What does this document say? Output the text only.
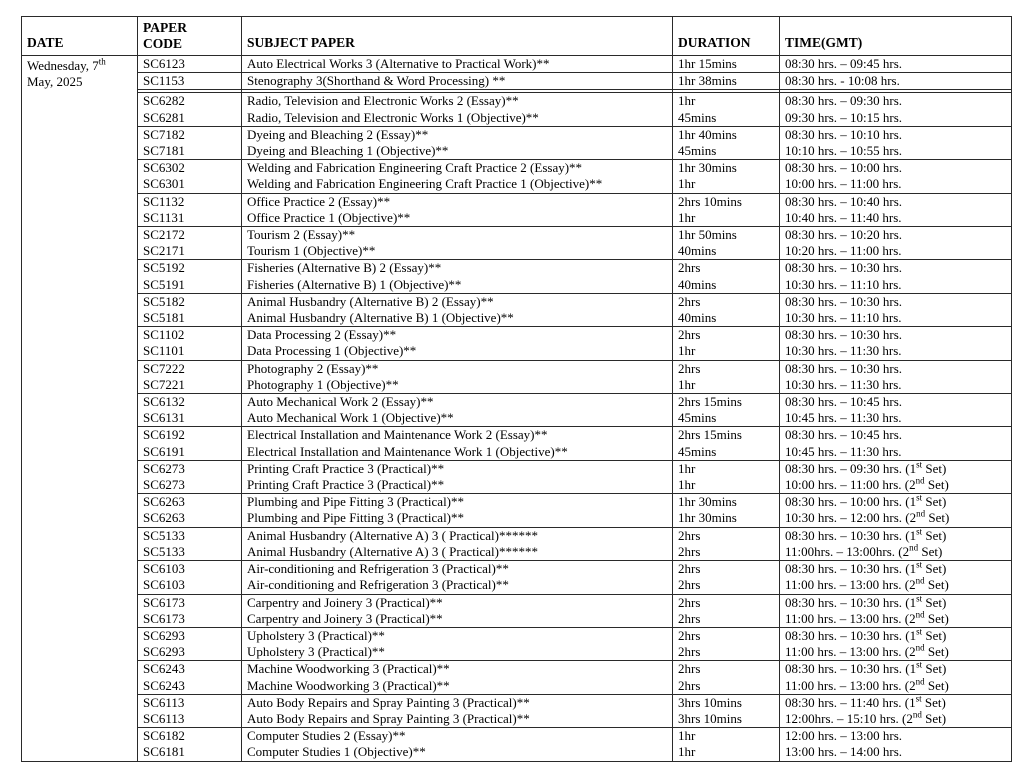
DATE	PAPER CODE	SUBJECT PAPER	DURATION	TIME(GMT)
Wednesday, 7th May, 2025	SC6123	Auto Electrical Works 3 (Alternative to Practical Work)**	1hr 15mins	08:30 hrs. – 09:45 hrs.
	SC1153	Stenography 3(Shorthand & Word Processing) **	1hr 38mins	08:30 hrs. - 10:08 hrs.

	SC6282	Radio, Television and Electronic Works 2 (Essay)**	1hr	08:30 hrs. – 09:30 hrs.
	SC6281	Radio, Television and Electronic Works 1 (Objective)**	45mins	09:30 hrs. – 10:15 hrs.
	SC7182	Dyeing and Bleaching 2 (Essay)**	1hr 40mins	08:30 hrs. – 10:10 hrs.
	SC7181	Dyeing and Bleaching 1 (Objective)**	45mins	10:10 hrs. – 10:55 hrs.
	SC6302	Welding and Fabrication Engineering Craft Practice 2 (Essay)**	1hr 30mins	08:30 hrs. – 10:00 hrs.
	SC6301	Welding and Fabrication Engineering Craft Practice 1 (Objective)**	1hr	10:00 hrs. – 11:00 hrs.
	SC1132	Office Practice 2 (Essay)**	2hrs 10mins	08:30 hrs. – 10:40 hrs.
	SC1131	Office Practice 1 (Objective)**	1hr	10:40 hrs. – 11:40 hrs.
	SC2172	Tourism 2 (Essay)**	1hr 50mins	08:30 hrs. – 10:20 hrs.
	SC2171	Tourism 1 (Objective)**	40mins	10:20 hrs. – 11:00 hrs.
	SC5192	Fisheries (Alternative B) 2 (Essay)**	2hrs	08:30 hrs. – 10:30 hrs.
	SC5191	Fisheries (Alternative B) 1 (Objective)**	40mins	10:30 hrs. – 11:10 hrs.
	SC5182	Animal Husbandry (Alternative B) 2 (Essay)**	2hrs	08:30 hrs. – 10:30 hrs.
	SC5181	Animal Husbandry (Alternative B) 1 (Objective)**	40mins	10:30 hrs. – 11:10 hrs.
	SC1102	Data Processing 2 (Essay)**	2hrs	08:30 hrs. – 10:30 hrs.
	SC1101	Data Processing 1 (Objective)**	1hr	10:30 hrs. – 11:30 hrs.
	SC7222	Photography 2 (Essay)**	2hrs	08:30 hrs. – 10:30 hrs.
	SC7221	Photography 1 (Objective)**	1hr	10:30 hrs. – 11:30 hrs.
	SC6132	Auto Mechanical Work 2 (Essay)**	2hrs 15mins	08:30 hrs. – 10:45 hrs.
	SC6131	Auto Mechanical Work 1 (Objective)**	45mins	10:45 hrs. – 11:30 hrs.
	SC6192	Electrical Installation and Maintenance Work 2 (Essay)**	2hrs 15mins	08:30 hrs. – 10:45 hrs.
	SC6191	Electrical Installation and Maintenance Work 1 (Objective)**	45mins	10:45 hrs. – 11:30 hrs.
	SC6273	Printing Craft Practice 3 (Practical)**	1hr	08:30 hrs. – 09:30 hrs. (1st Set)
	SC6273	Printing Craft Practice 3 (Practical)**	1hr	10:00 hrs. – 11:00 hrs. (2nd Set)
	SC6263	Plumbing and Pipe Fitting 3 (Practical)**	1hr 30mins	08:30 hrs. – 10:00 hrs. (1st Set)
	SC6263	Plumbing and Pipe Fitting 3 (Practical)**	1hr 30mins	10:30 hrs. – 12:00 hrs. (2nd Set)
	SC5133	Animal Husbandry (Alternative A) 3 ( Practical)******	2hrs	08:30 hrs. – 10:30 hrs. (1st Set)
	SC5133	Animal Husbandry (Alternative A) 3 ( Practical)******	2hrs	11:00hrs. – 13:00hrs. (2nd Set)
	SC6103	Air-conditioning and Refrigeration 3 (Practical)**	2hrs	08:30 hrs. – 10:30 hrs. (1st Set)
	SC6103	Air-conditioning and Refrigeration 3 (Practical)**	2hrs	11:00 hrs. – 13:00 hrs. (2nd Set)
	SC6173	Carpentry and Joinery 3 (Practical)**	2hrs	08:30 hrs. – 10:30 hrs. (1st Set)
	SC6173	Carpentry and Joinery 3 (Practical)**	2hrs	11:00 hrs. – 13:00 hrs. (2nd Set)
	SC6293	Upholstery 3 (Practical)**	2hrs	08:30 hrs. – 10:30 hrs. (1st Set)
	SC6293	Upholstery 3 (Practical)**	2hrs	11:00 hrs. – 13:00 hrs. (2nd Set)
	SC6243	Machine Woodworking 3 (Practical)**	2hrs	08:30 hrs. – 10:30 hrs. (1st Set)
	SC6243	Machine Woodworking 3 (Practical)**	2hrs	11:00 hrs. – 13:00 hrs. (2nd Set)
	SC6113	Auto Body Repairs and Spray Painting 3 (Practical)**	3hrs 10mins	08:30 hrs. – 11:40 hrs. (1st Set)
	SC6113	Auto Body Repairs and Spray Painting 3 (Practical)**	3hrs 10mins	12:00hrs. – 15:10 hrs. (2nd Set)
	SC6182	Computer Studies 2 (Essay)**	1hr	12:00 hrs. – 13:00 hrs.
	SC6181	Computer Studies 1 (Objective)**	1hr	13:00 hrs. – 14:00 hrs.
